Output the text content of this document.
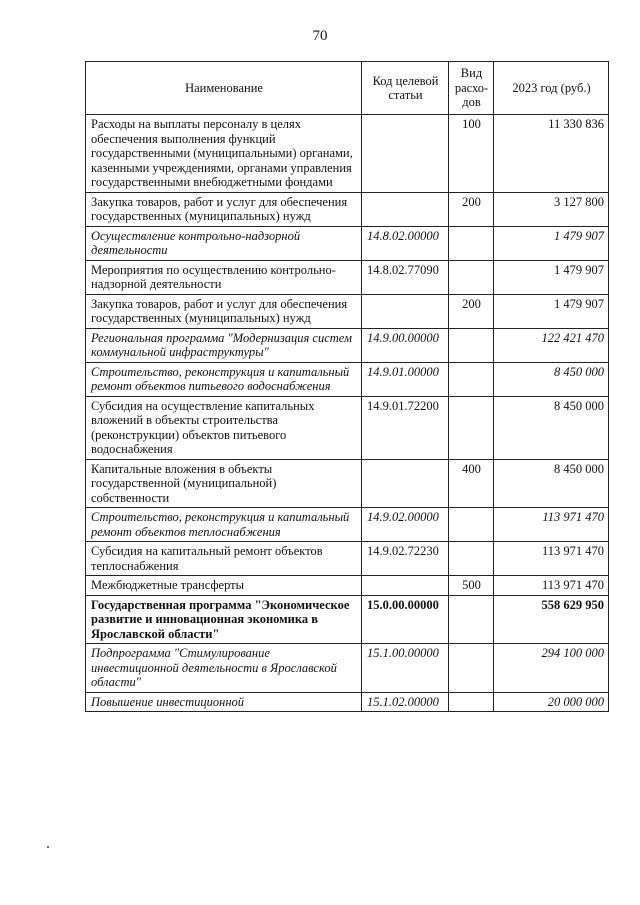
70
Наименование	Код целевой статьи	Вид расхо-дов	2023 год (руб.)
Расходы на выплаты персоналу в целях обеспечения выполнения функций государственными (муниципальными) органами, казенными учреждениями, органами управления государственными внебюджетными фондами		100	11 330 836
Закупка товаров, работ и услуг для обеспечения государственных (муниципальных) нужд		200	3 127 800
Осуществление контрольно-надзорной деятельности	14.8.02.00000		1 479 907
Мероприятия по осуществлению контрольно-надзорной деятельности	14.8.02.77090		1 479 907
Закупка товаров, работ и услуг для обеспечения государственных (муниципальных) нужд		200	1 479 907
Региональная программа "Модернизация систем коммунальной инфраструктуры"	14.9.00.00000		122 421 470
Строительство, реконструкция и капитальный ремонт объектов питьевого водоснабжения	14.9.01.00000		8 450 000
Субсидия на осуществление капитальных вложений в объекты строительства (реконструкции) объектов питьевого водоснабжения	14.9.01.72200		8 450 000
Капитальные вложения в объекты государственной (муниципальной) собственности		400	8 450 000
Строительство, реконструкция и капитальный ремонт объектов теплоснабжения	14.9.02.00000		113 971 470
Субсидия на капитальный ремонт объектов теплоснабжения	14.9.02.72230		113 971 470
Межбюджетные трансферты		500	113 971 470
Государственная программа "Экономическое развитие и инновационная экономика в Ярославской области"	15.0.00.00000		558 629 950
Подпрограмма "Стимулирование инвестиционной деятельности в Ярославской области"	15.1.00.00000		294 100 000
Повышение инвестиционной	15.1.02.00000		20 000 000
